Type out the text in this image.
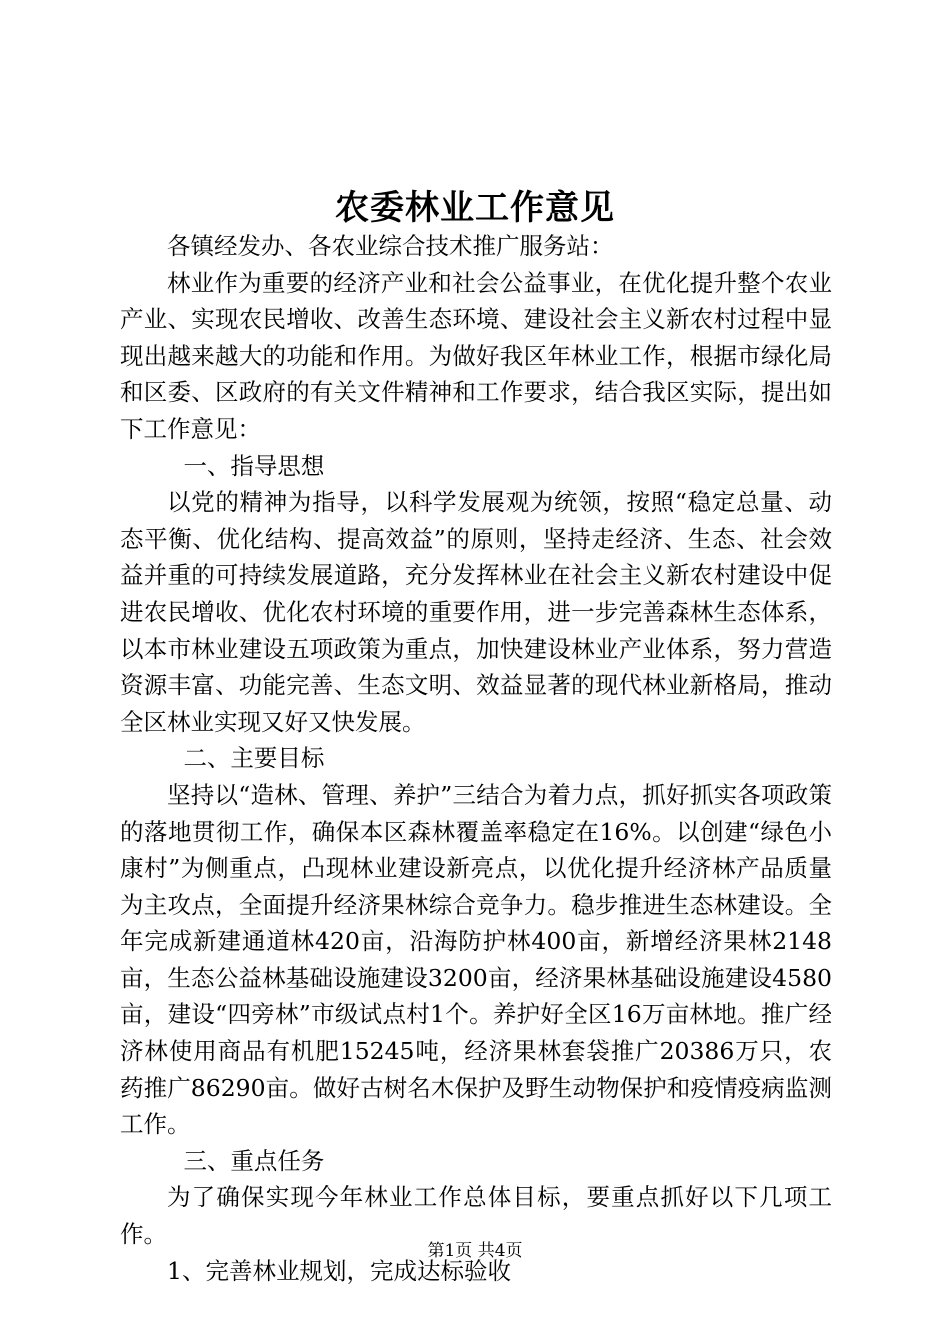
农委林业工作意见

各镇经发办、各农业综合技术推广服务站：

林业作为重要的经济产业和社会公益事业，在优化提升整个农业产业、实现农民增收、改善生态环境、建设社会主义新农村过程中显现出越来越大的功能和作用。为做好我区年林业工作，根据市绿化局和区委、区政府的有关文件精神和工作要求，结合我区实际，提出如下工作意见：

一、指导思想

以党的精神为指导，以科学发展观为统领，按照“稳定总量、动态平衡、优化结构、提高效益”的原则，坚持走经济、生态、社会效益并重的可持续发展道路，充分发挥林业在社会主义新农村建设中促进农民增收、优化农村环境的重要作用，进一步完善森林生态体系，以本市林业建设五项政策为重点，加快建设林业产业体系，努力营造资源丰富、功能完善、生态文明、效益显著的现代林业新格局，推动全区林业实现又好又快发展。

二、主要目标

坚持以“造林、管理、养护”三结合为着力点，抓好抓实各项政策的落地贯彻工作，确保本区森林覆盖率稳定在16%。以创建“绿色小康村”为侧重点，凸现林业建设新亮点，以优化提升经济林产品质量为主攻点，全面提升经济果林综合竞争力。稳步推进生态林建设。全年完成新建通道林420亩，沿海防护林400亩，新增经济果林2148亩，生态公益林基础设施建设3200亩，经济果林基础设施建设4580亩，建设“四旁林”市级试点村1个。养护好全区16万亩林地。推广经济林使用商品有机肥15245吨，经济果林套袋推广20386万只，农药推广86290亩。做好古树名木保护及野生动物保护和疫情疫病监测工作。

三、重点任务

为了确保实现今年林业工作总体目标，要重点抓好以下几项工作。

1、完善林业规划，完成达标验收

第1页 共4页
